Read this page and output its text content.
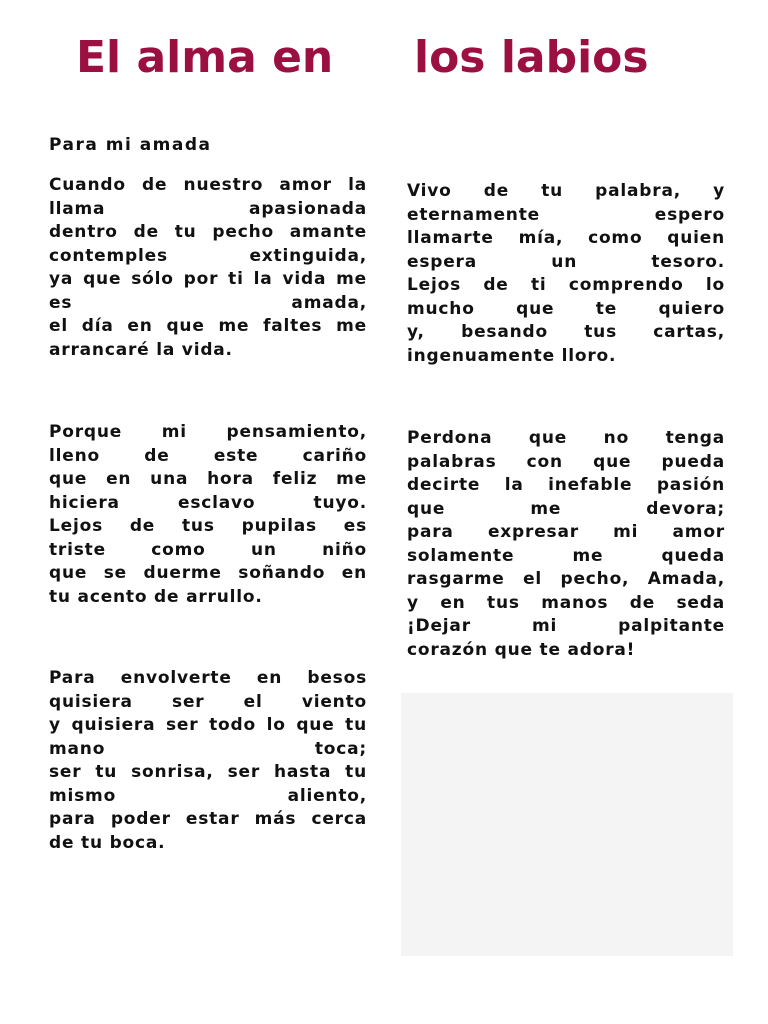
El alma en los labios

Para mi amada

Cuando de nuestro amor la
llama apasionada
dentro de tu pecho amante
contemples extinguida,
ya que sólo por ti la vida me
es amada,
el día en que me faltes me
arrancaré la vida.
Vivo de tu palabra, y
eternamente espero
llamarte mía, como quien
espera un tesoro.
Lejos de ti comprendo lo
mucho que te quiero
y, besando tus cartas,
ingenuamente lloro.
Porque mi pensamiento,
lleno de este cariño
que en una hora feliz me
hiciera esclavo tuyo.
Lejos de tus pupilas es
triste como un niño
que se duerme soñando en
tu acento de arrullo.
Perdona que no tenga
palabras con que pueda
decirte la inefable pasión
que me devora;
para expresar mi amor
solamente me queda
rasgarme el pecho, Amada,
y en tus manos de seda
¡Dejar mi palpitante
corazón que te adora!
Para envolverte en besos
quisiera ser el viento
y quisiera ser todo lo que tu
mano toca;
ser tu sonrisa, ser hasta tu
mismo aliento,
para poder estar más cerca
de tu boca.
